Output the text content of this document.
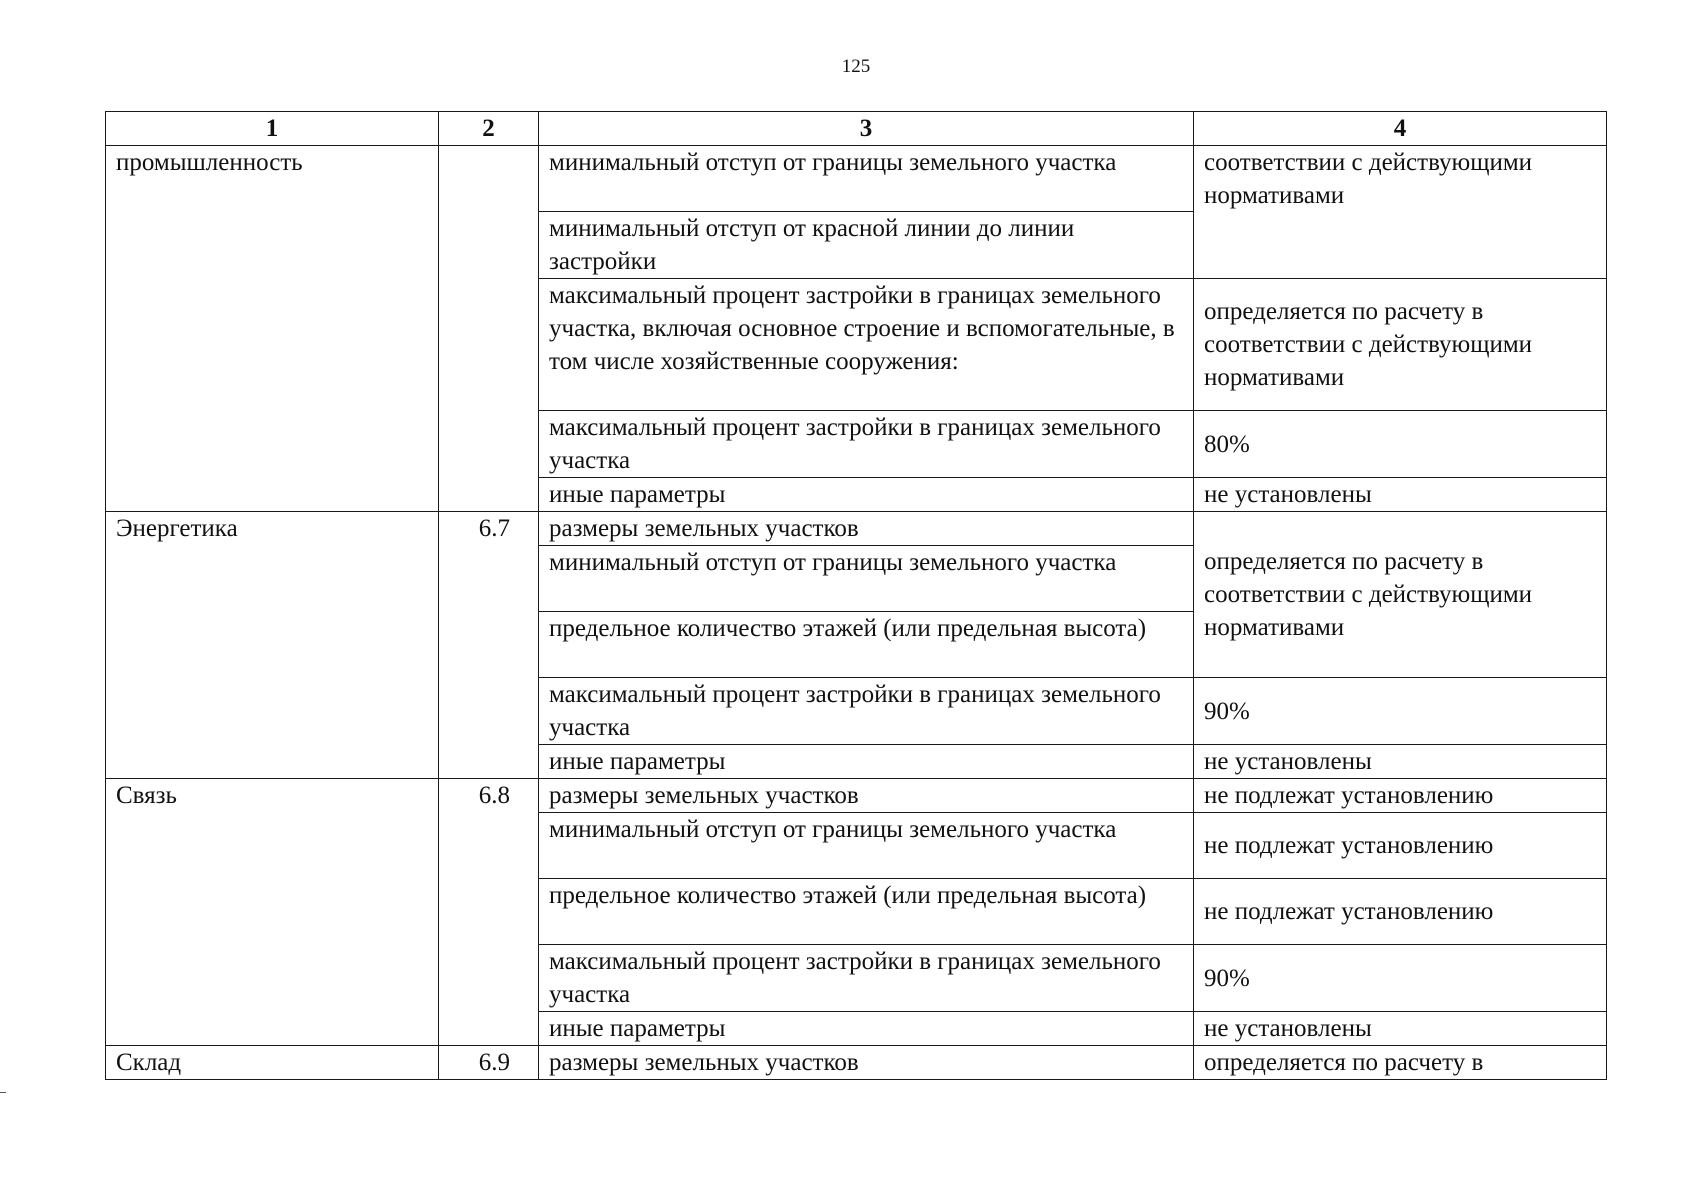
125
1	2	3	4
промышленность		минимальный отступ от границы земельного участка	соответствии с действующими нормативами
		минимальный отступ от красной линии до линии застройки	
		максимальный процент застройки в границах земельного участка, включая основное строение и вспомогательные, в том числе хозяйственные сооружения:	определяется по расчету в соответствии с действующими нормативами
		максимальный процент застройки в границах земельного участка	80%
		иные параметры	не установлены
Энергетика	6.7	размеры земельных участков	определяется по расчету в соответствии с действующими нормативами

		минимальный отступ от границы земельного участка	
		предельное количество этажей (или предельная высота)	
		максимальный процент застройки в границах земельного участка	90%
		иные параметры	не установлены
Связь	6.8	размеры земельных участков	не подлежат установлению
		минимальный отступ от границы земельного участка	не подлежат установлению
		предельное количество этажей (или предельная высота)	не подлежат установлению
		максимальный процент застройки в границах земельного участка	90%
		иные параметры	не установлены
Склад	6.9	размеры земельных участков	определяется по расчету в
